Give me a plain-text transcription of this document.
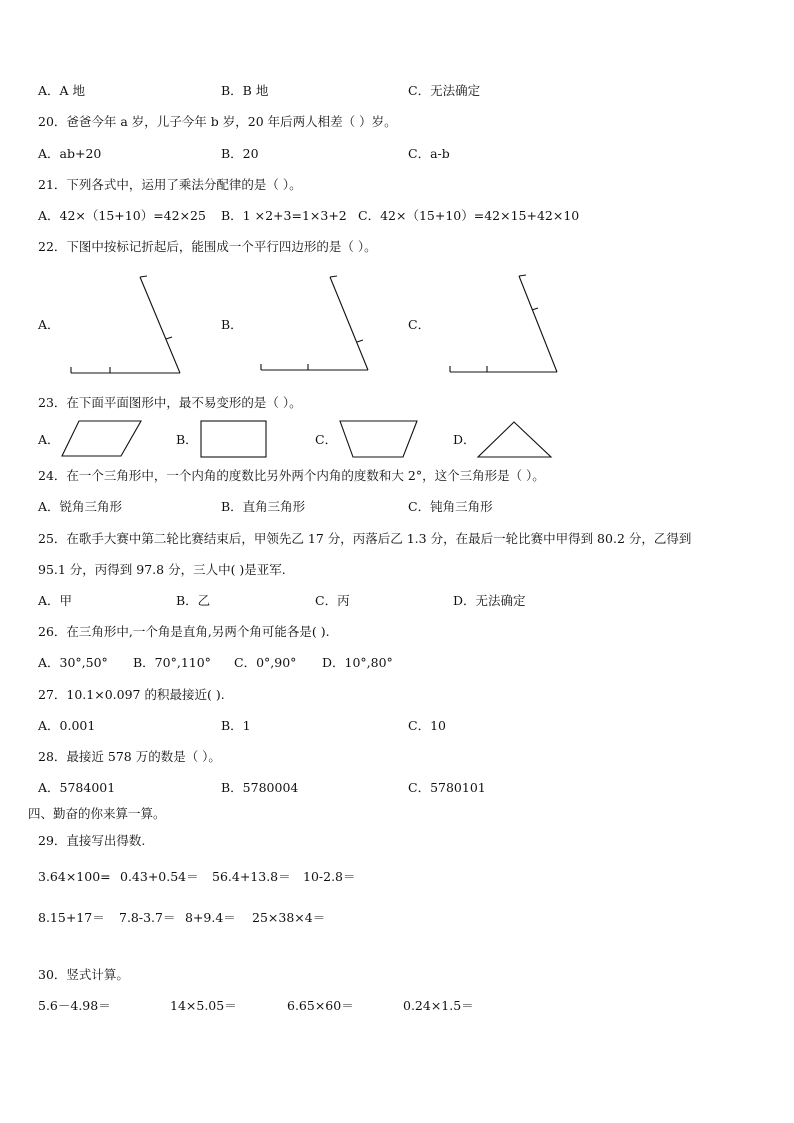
A．A 地	B．B 地	C．无法确定
20．爸爸今年 a 岁，儿子今年 b 岁，20 年后两人相差（ ）岁。
A．ab+20	B．20	C．a-b
21．下列各式中，运用了乘法分配律的是（ ）。
A．42×（15+10）=42×25 B．1 ×2+3=1×3+2 C．42×（15+10）=42×15+42×10
22．下图中按标记折起后，能围成一个平行四边形的是（ ）。
A．	B．	C．
23．在下面平面图形中，最不易变形的是（ ）。
A．	B．	C．	D．
24．在一个三角形中，一个内角的度数比另外两个内角的度数和大 2°，这个三角形是（ ）。
A．锐角三角形	B．直角三角形	C．钝角三角形
25．在歌手大赛中第二轮比赛结束后，甲领先乙 17 分，丙落后乙 1.3 分，在最后一轮比赛中甲得到 80.2 分，乙得到
95.1 分，丙得到 97.8 分，三人中( )是亚军.
A．甲	B．乙	C．丙	D．无法确定
26．在三角形中,一个角是直角,另两个角可能各是( ).
A．30°,50° B．70°,110° C．0°,90° D．10°,80°
27．10.1×0.097 的积最接近( ).
A．0.001	B．1	C．10
28．最接近 578 万的数是（ ）。
A．5784001	B．5780004	C．5780101
四、勤奋的你来算一算。
29．直接写出得数.
3.64×100= 0.43+0.54＝ 56.4+13.8＝ 10-2.8＝
8.15+17＝ 7.8-3.7＝ 8+9.4＝ 25×38×4＝
30．竖式计算。
5.6－4.98＝	14×5.05＝	6.65×60＝	0.24×1.5＝
